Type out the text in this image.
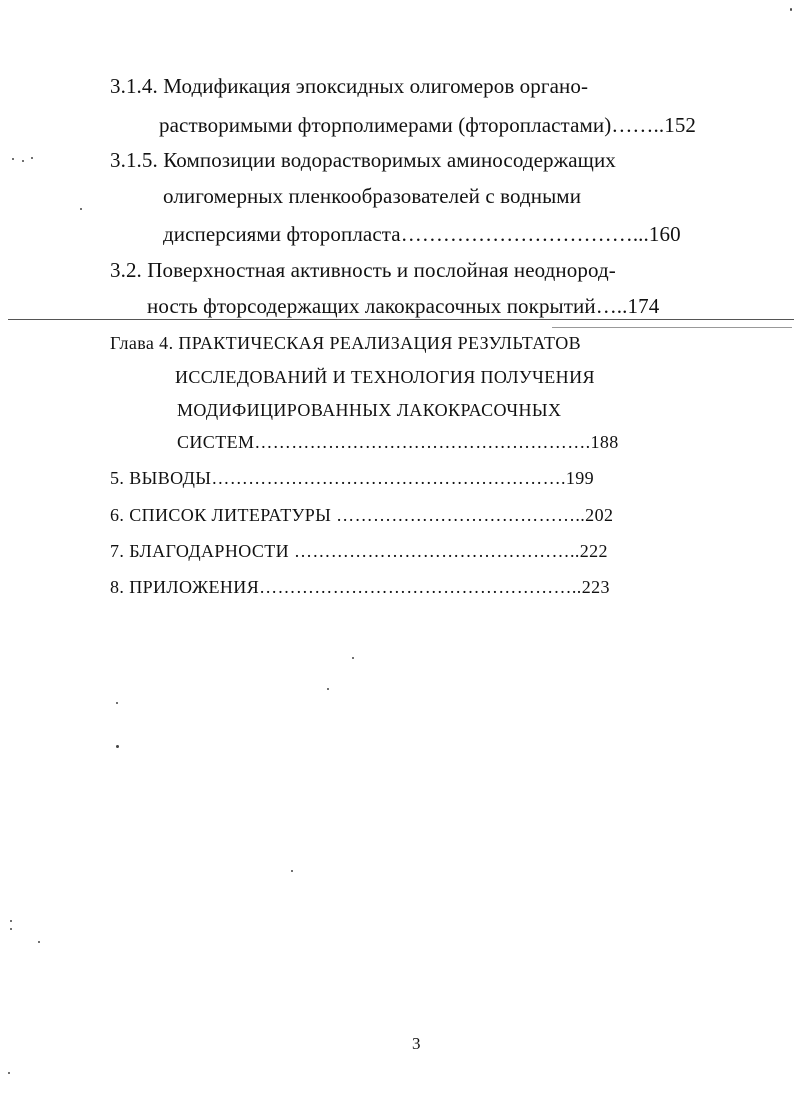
3.1.4. Модификация эпоксидных олигомеров органо-
растворимыми фторполимерами (фторопластами)……..152
3.1.5. Композиции водорастворимых аминосодержащих
олигомерных пленкообразователей с водными
дисперсиями фторопласта……………………………...160
3.2. Поверхностная активность и послойная неоднород-
ность фторсодержащих лакокрасочных покрытий…..174
Глава 4. ПРАКТИЧЕСКАЯ РЕАЛИЗАЦИЯ РЕЗУЛЬТАТОВ
ИССЛЕДОВАНИЙ И ТЕХНОЛОГИЯ ПОЛУЧЕНИЯ
МОДИФИЦИРОВАННЫХ ЛАКОКРАСОЧНЫХ
СИСТЕМ……………………………………………….188
5. ВЫВОДЫ………………………………………………….199
6. СПИСОК ЛИТЕРАТУРЫ …………………………………..202
7. БЛАГОДАРНОСТИ ………………………………………..222
8. ПРИЛОЖЕНИЯ……………………………………………..223
3
